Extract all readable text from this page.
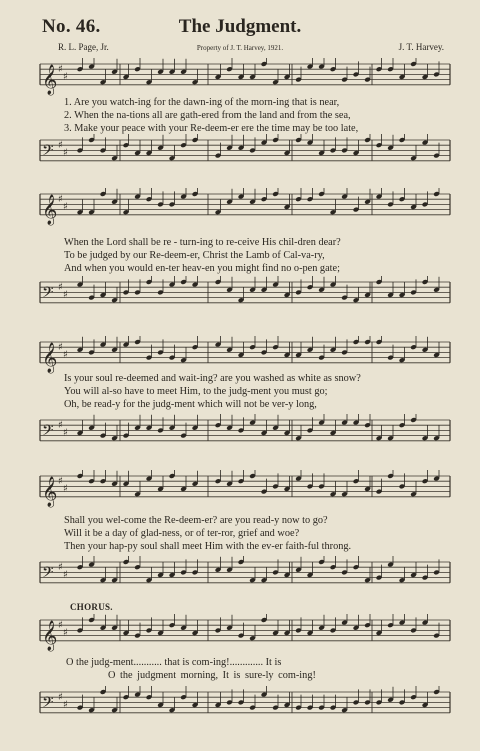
No. 46.	The Judgment.
R. L. Page, Jr.	Property of J. T. Harvey, 1921.	J. T. Harvey.
𝄞 ♯
♯
1. Are you watch-ing for the dawn-ing of the morn-ing that is near,
2. When the na-tions all are gath-ered from the land and from the sea,
3. Make your peace with your Re-deem-er ere the time may be too late,
𝄢 ♯
♯
𝄞 ♯
♯
When the Lord shall be re - turn-ing to re-ceive His chil-dren dear?
To be judged by our Re-deem-er, Christ the Lamb of Cal-va-ry,
And when you would en-ter heav-en you might find no o-pen gate;
𝄢 ♯
♯
𝄞 ♯
♯
Is your soul re-deemed and wait-ing? are you washed as white as snow?
You will al-so have to meet Him, to the judg-ment you must go;
Oh, be read-y for the judg-ment which will not be ver-y long,
𝄢 ♯
♯
𝄞 ♯
♯
Shall you wel-come the Re-deem-er? are you read-y now to go?
Will it be a day of glad-ness, or of ter-ror, grief and woe?
Then your hap-py soul shall meet Him with the ev-er faith-ful throng.
𝄢 ♯
♯
CHORUS.
𝄞 ♯
♯
O the judg-ment........... that is com-ing!............. It is
O the judgment morning, It is sure-ly com-ing!
𝄢 ♯
♯
